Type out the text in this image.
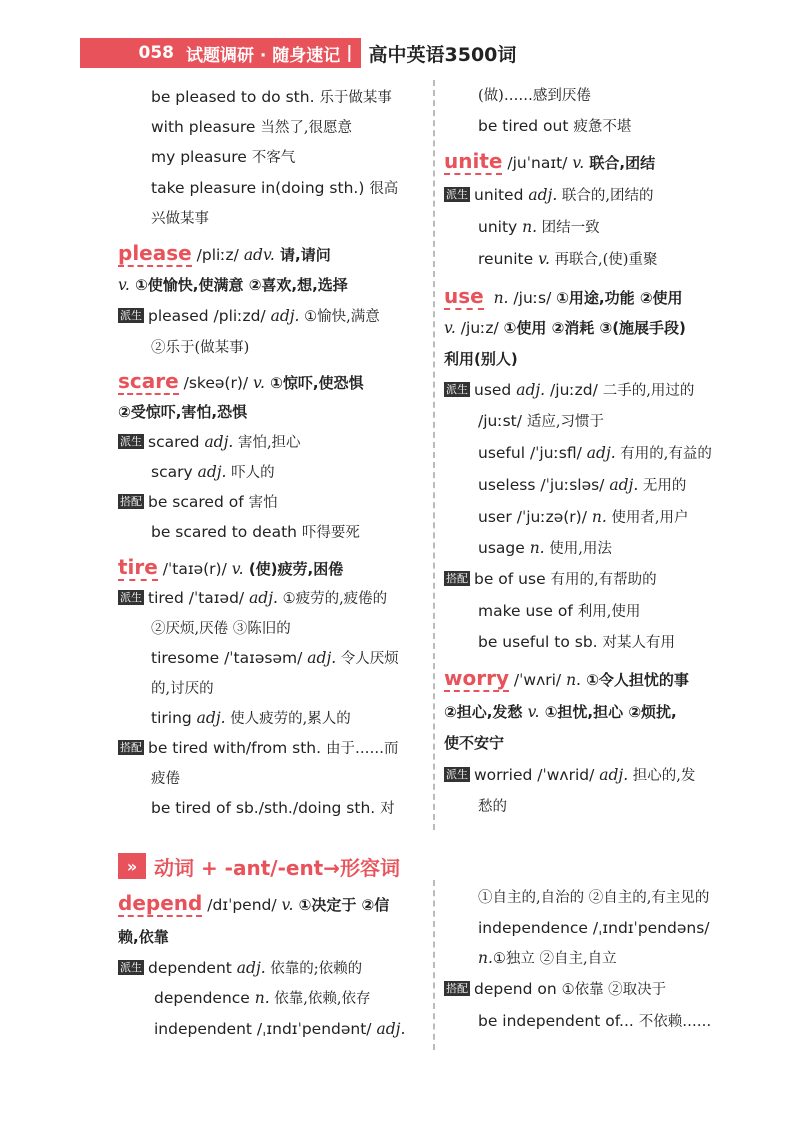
058 试题调研 · 随身速记 | 高中英语3500词
be pleased to do sth. 乐于做某事
with pleasure 当然了,很愿意
my pleasure 不客气
take pleasure in(doing sth.) 很高
兴做某事
please /pliːz/ adv. 请,请问
v. ①使愉快,使满意 ②喜欢,想,选择
派生 pleased /pliːzd/ adj. ①愉快,满意
②乐于(做某事)
scare /skeə(r)/ v. ①惊吓,使恐惧
②受惊吓,害怕,恐惧
派生 scared adj. 害怕,担心
scary adj. 吓人的
搭配 be scared of 害怕
be scared to death 吓得要死
tire /ˈtaɪə(r)/ v. (使)疲劳,困倦
派生 tired /ˈtaɪəd/ adj. ①疲劳的,疲倦的
②厌烦,厌倦 ③陈旧的
tiresome /ˈtaɪəsəm/ adj. 令人厌烦
的,讨厌的
tiring adj. 使人疲劳的,累人的
搭配 be tired with/from sth. 由于……而
疲倦
be tired of sb./sth./doing sth. 对
(做)……感到厌倦
be tired out 疲惫不堪
unite /juˈnaɪt/ v. 联合,团结
派生 united adj. 联合的,团结的
unity n. 团结一致
reunite v. 再联合,(使)重聚
use n. /juːs/ ①用途,功能 ②使用
v. /juːz/ ①使用 ②消耗 ③(施展手段)
利用(别人)
派生 used adj. /juːzd/ 二手的,用过的
/juːst/ 适应,习惯于
useful /ˈjuːsfl/ adj. 有用的,有益的
useless /ˈjuːsləs/ adj. 无用的
user /ˈjuːzə(r)/ n. 使用者,用户
usage n. 使用,用法
搭配 be of use 有用的,有帮助的
make use of 利用,使用
be useful to sb. 对某人有用
worry /ˈwʌri/ n. ①令人担忧的事
②担心,发愁 v. ①担忧,担心 ②烦扰,
使不安宁
派生 worried /ˈwʌrid/ adj. 担心的,发
愁的
» 动词 + -ant/-ent→形容词
depend /dɪˈpend/ v. ①决定于 ②信
赖,依靠
派生 dependent adj. 依靠的;依赖的
dependence n. 依靠,依赖,依存
independent /ˌɪndɪˈpendənt/ adj.
①自主的,自治的 ②自主的,有主见的
independence /ˌɪndɪˈpendəns/
n.①独立 ②自主,自立
搭配 depend on ①依靠 ②取决于
be independent of... 不依赖……
